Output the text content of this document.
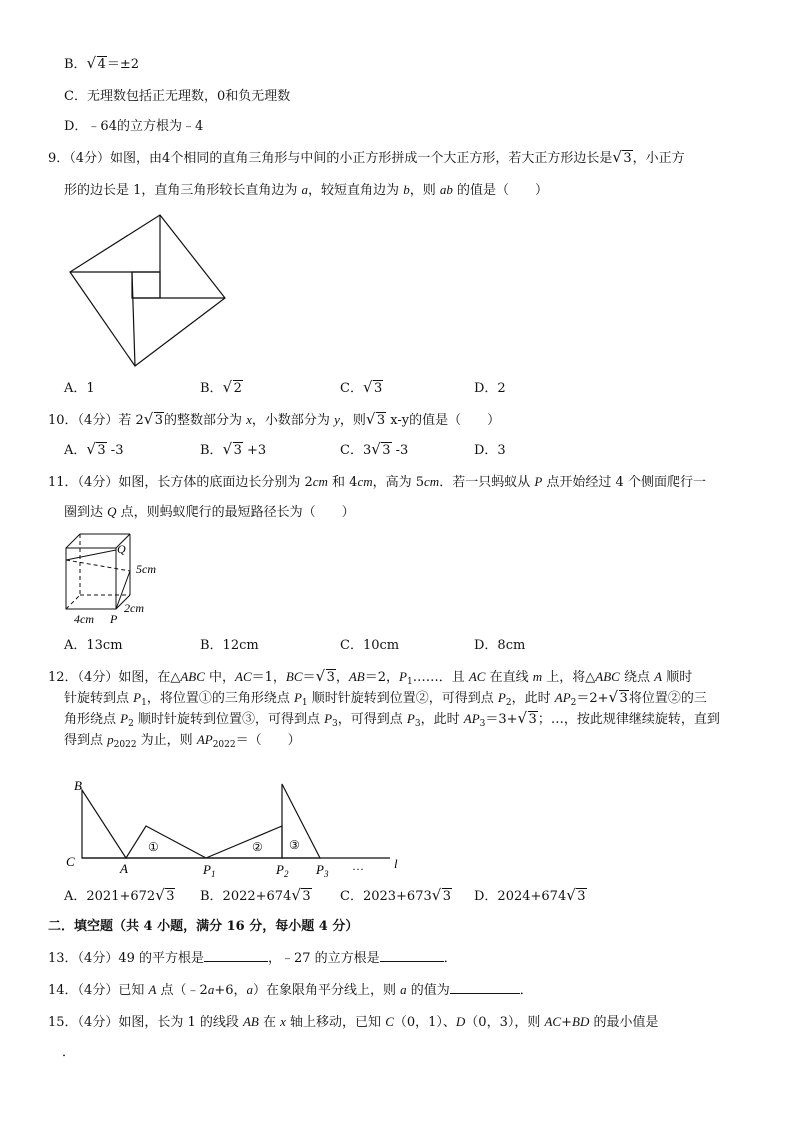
B．√ 4＝±2
C．无理数包括正无理数，0和负无理数
D．﹣64的立方根为﹣4
9．（4分）如图，由4个相同的直角三角形与中间的小正方形拼成一个大正方形，若大正方形边长是√ 3，小正方
形的边长是 1，直角三角形较长直角边为 a，较短直角边为 b，则 ab 的值是（　　）
A．1	B．√ 2	C．√ 3	D．2
10．（4分）若 2√ 3的整数部分为 x，小数部分为 y，则√ 3 x-y的值是（　　）
A．√ 3 -3	B．√ 3 +3	C．3√ 3 -3	D．3
11．（4分）如图，长方体的底面边长分别为 2cm 和 4cm，高为 5cm．若一只蚂蚁从 P 点开始经过 4 个侧面爬行一
圈到达 Q 点，则蚂蚁爬行的最短路径长为（　　）
Q
5cm
2cm
4cm P
A．13cm	B．12cm	C．10cm	D．8cm
12．（4分）如图，在△ABC 中，AC＝1，BC＝√ 3，AB＝2，$P_1\dots\dots$．且 AC 在直线 m 上，将△ABC 绕点 A 顺时
针旋转到点 $P_1$，将位置①的三角形绕点 $P_1$ 顺时针旋转到位置②，可得到点 $P_2$，此时 $AP_2=2+√$ 3将位置②的三
角形绕点 $P_2$ 顺时针旋转到位置③，可得到点 $P_3$，可得到点 $P_3$，此时 $AP_3=3+√$ 3；…，按此规律继续旋转，直到
得到点 $p_{2022}$ 为止，则 $AP_{2022}=$（　　）
B
C	A	$P_1$	$P_2$ $P_3$
l
①	② ③
…
A．2021+672√ 3 B．2022+674√ 3 C．2023+673√ 3 D．2024+674√ 3
二．填空题（共 4 小题，满分 16 分，每小题 4 分）
13．（4分）49 的平方根是	，﹣27 的立方根是	．
14．（4分）已知 A 点（﹣2a+6，a）在象限角平分线上，则 a 的值为	．
15．（4分）如图，长为 1 的线段 AB 在 x 轴上移动，已知 C（0，1）、D（0，3），则 AC+BD 的最小值是
．
